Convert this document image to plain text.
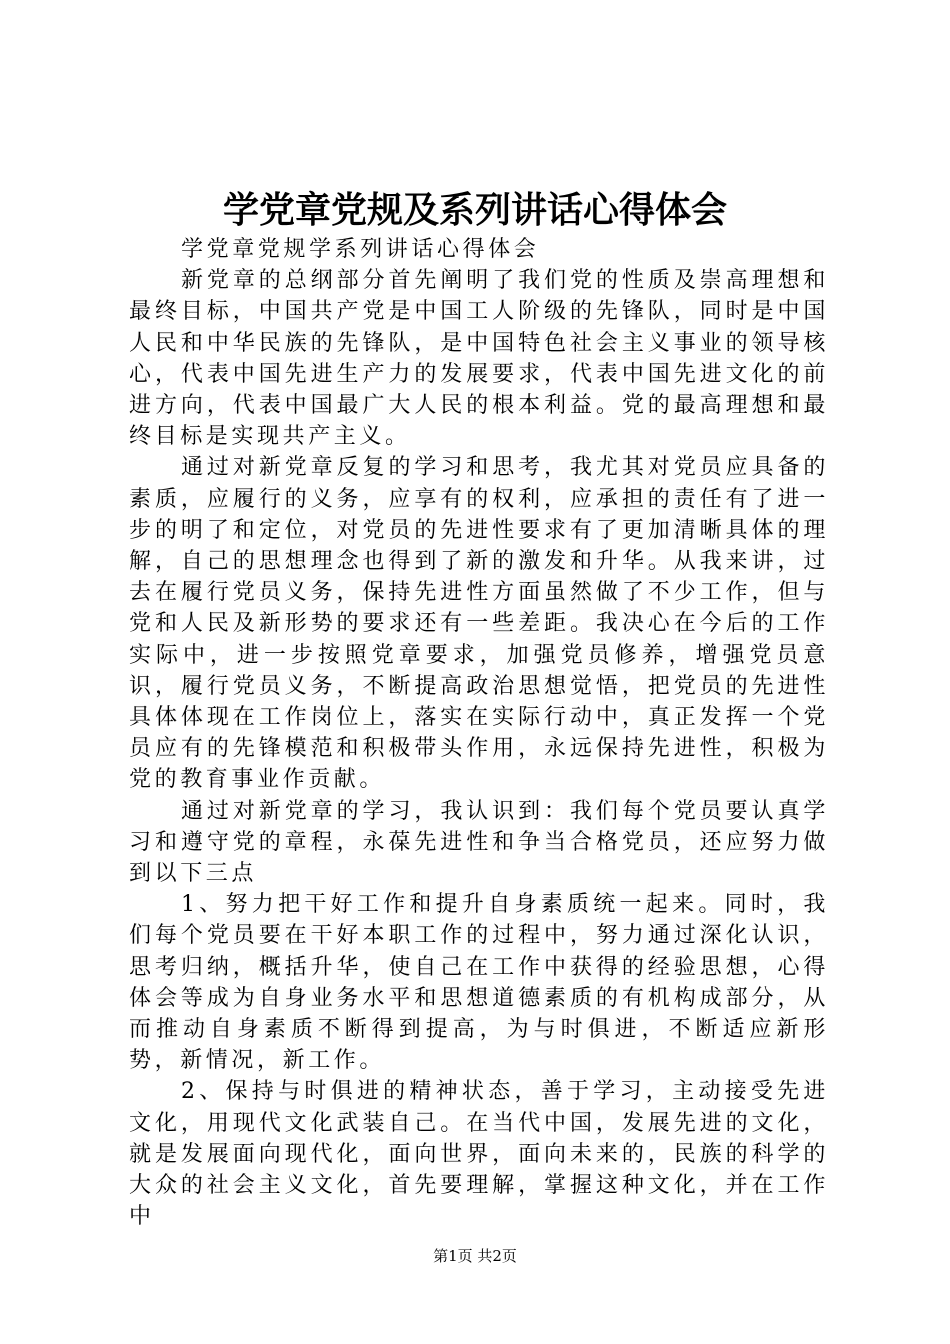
学党章党规及系列讲话心得体会

学党章党规学系列讲话心得体会

新党章的总纲部分首先阐明了我们党的性质及崇高理想和最终目标，中国共产党是中国工人阶级的先锋队，同时是中国人民和中华民族的先锋队，是中国特色社会主义事业的领导核心，代表中国先进生产力的发展要求，代表中国先进文化的前进方向，代表中国最广大人民的根本利益。党的最高理想和最终目标是实现共产主义。

通过对新党章反复的学习和思考，我尤其对党员应具备的素质，应履行的义务，应享有的权利，应承担的责任有了进一步的明了和定位，对党员的先进性要求有了更加清晰具体的理解，自己的思想理念也得到了新的激发和升华。从我来讲，过去在履行党员义务，保持先进性方面虽然做了不少工作，但与党和人民及新形势的要求还有一些差距。我决心在今后的工作实际中，进一步按照党章要求，加强党员修养，增强党员意识，履行党员义务，不断提高政治思想觉悟，把党员的先进性具体体现在工作岗位上，落实在实际行动中，真正发挥一个党员应有的先锋模范和积极带头作用，永远保持先进性，积极为党的教育事业作贡献。

通过对新党章的学习，我认识到：我们每个党员要认真学习和遵守党的章程，永葆先进性和争当合格党员，还应努力做到以下三点

1、努力把干好工作和提升自身素质统一起来。同时，我们每个党员要在干好本职工作的过程中，努力通过深化认识，思考归纳，概括升华，使自己在工作中获得的经验思想，心得体会等成为自身业务水平和思想道德素质的有机构成部分，从而推动自身素质不断得到提高，为与时俱进，不断适应新形势，新情况，新工作。

2、保持与时俱进的精神状态，善于学习，主动接受先进文化，用现代文化武装自己。在当代中国，发展先进的文化，就是发展面向现代化，面向世界，面向未来的，民族的科学的大众的社会主义文化，首先要理解，掌握这种文化，并在工作中

第1页 共2页
